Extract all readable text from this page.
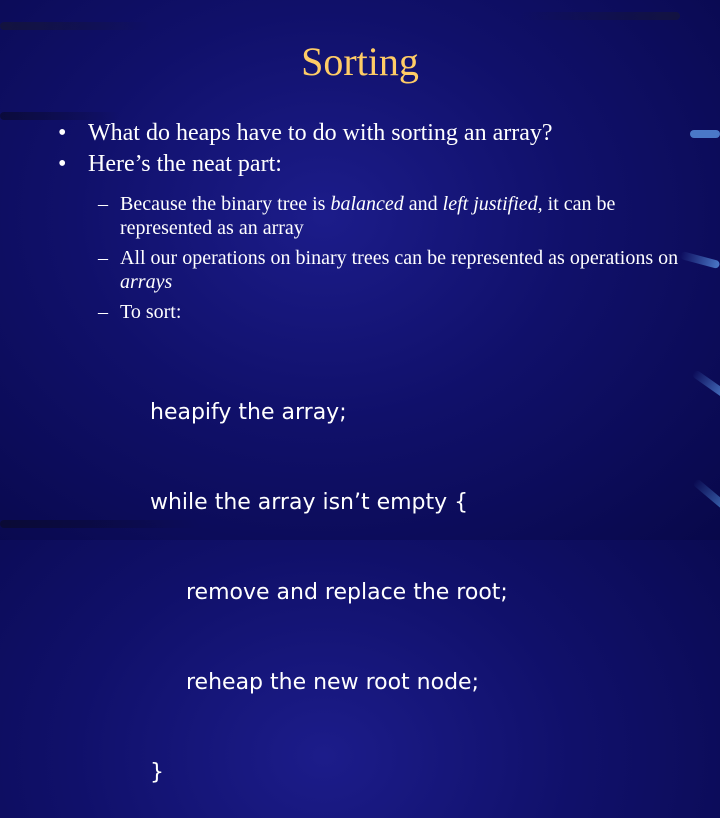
Sorting
• What do heaps have to do with sorting an array?
• Here’s the neat part:
– Because the binary tree is balanced and left justified, it can be represented as an array
– All our operations on binary trees can be represented as operations on arrays
– To sort:

heapify the array;

while the array isn’t empty {

remove and replace the root;

reheap the new root node;

}
